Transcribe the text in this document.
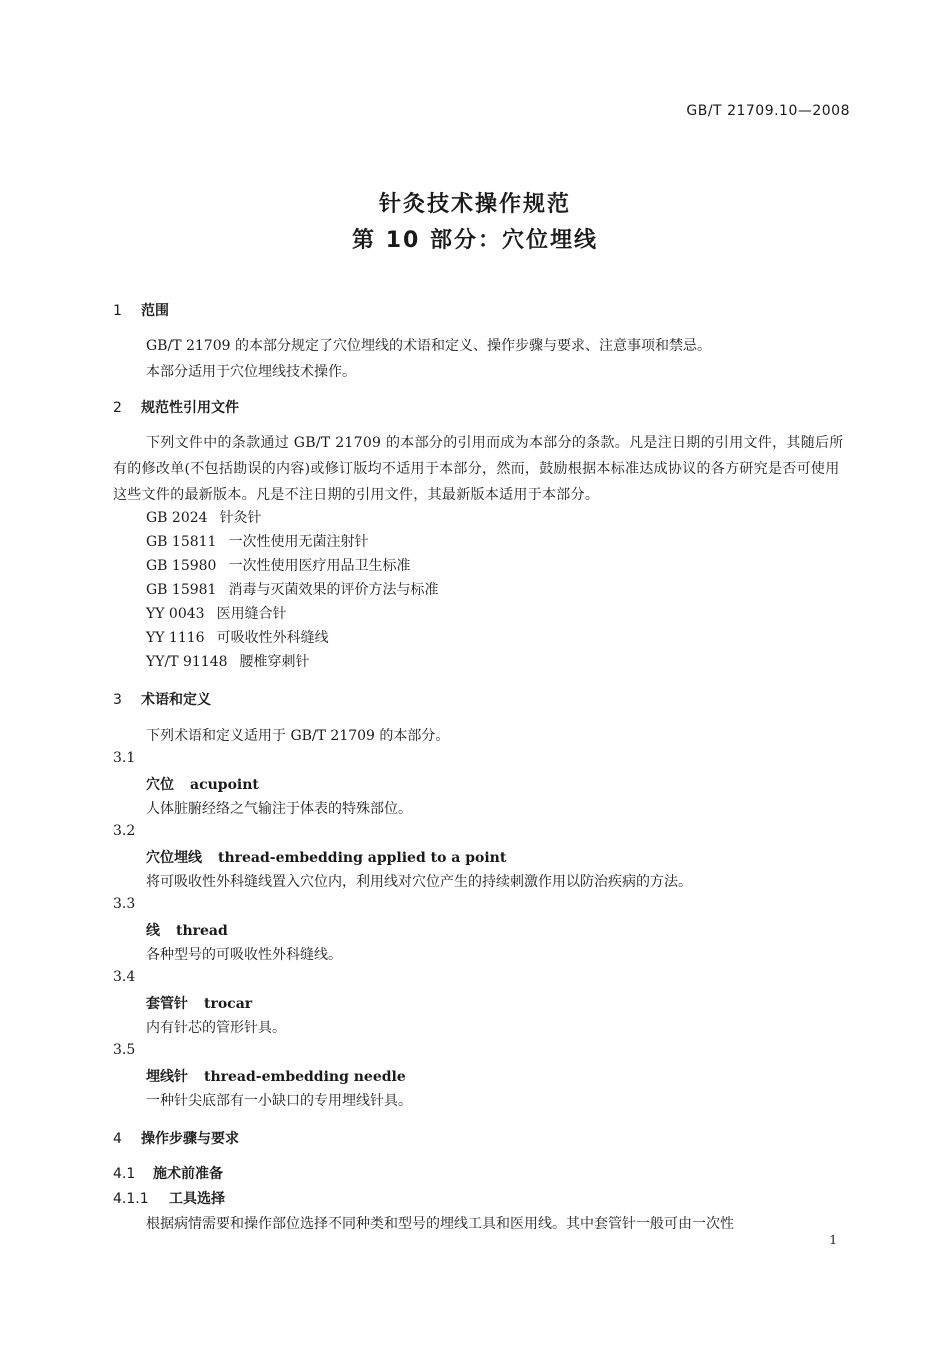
GB/T 21709.10—2008
针灸技术操作规范
第 10 部分：穴位埋线
1 范围
GB/T 21709 的本部分规定了穴位埋线的术语和定义、操作步骤与要求、注意事项和禁忌。
本部分适用于穴位埋线技术操作。
2 规范性引用文件
下列文件中的条款通过 GB/T 21709 的本部分的引用而成为本部分的条款。凡是注日期的引用文件，其随后所有的修改单(不包括勘误的内容)或修订版均不适用于本部分，然而，鼓励根据本标准达成协议的各方研究是否可使用这些文件的最新版本。凡是不注日期的引用文件，其最新版本适用于本部分。
GB 2024 针灸针
GB 15811 一次性使用无菌注射针
GB 15980 一次性使用医疗用品卫生标准
GB 15981 消毒与灭菌效果的评价方法与标准
YY 0043 医用缝合针
YY 1116 可吸收性外科缝线
YY/T 91148 腰椎穿刺针
3 术语和定义
下列术语和定义适用于 GB/T 21709 的本部分。
3.1
穴位 acupoint
人体脏腑经络之气输注于体表的特殊部位。
3.2
穴位埋线 thread-embedding applied to a point
将可吸收性外科缝线置入穴位内，利用线对穴位产生的持续刺激作用以防治疾病的方法。
3.3
线 thread
各种型号的可吸收性外科缝线。
3.4
套管针 trocar
内有针芯的管形针具。
3.5
埋线针 thread-embedding needle
一种针尖底部有一小缺口的专用埋线针具。
4 操作步骤与要求
4.1 施术前准备
4.1.1 工具选择
根据病情需要和操作部位选择不同种类和型号的埋线工具和医用线。其中套管针一般可由一次性
1
